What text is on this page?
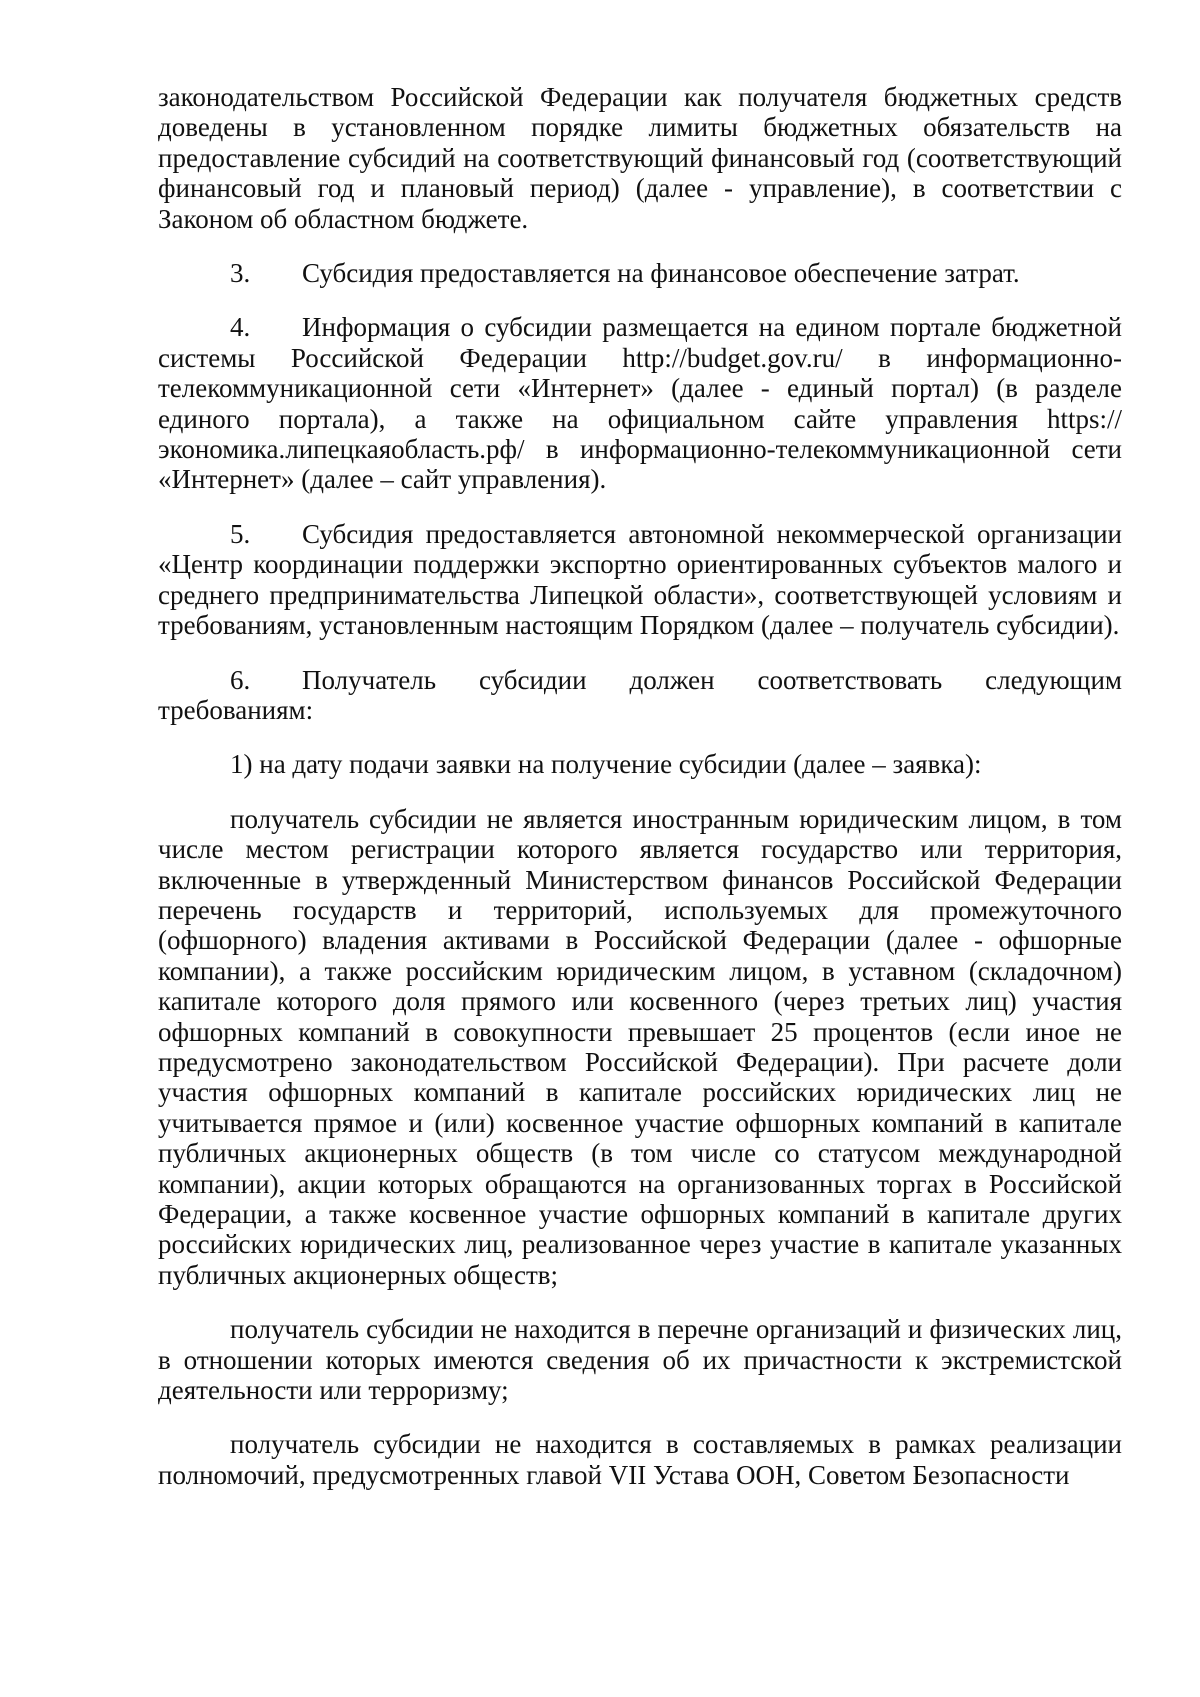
законодательством Российской Федерации как получателя бюджетных средств доведены в установленном порядке лимиты бюджетных обязательств на предоставление субсидий на соответствующий финансовый год (соответствующий финансовый год и плановый период) (далее - управление), в соответствии с Законом об областном бюджете.

3. Субсидия предоставляется на финансовое обеспечение затрат.

4. Информация о субсидии размещается на едином портале бюджетной системы Российской Федерации http://budget.gov.ru/ в информационно-телекоммуникационной сети «Интернет» (далее - единый портал) (в разделе единого портала), а также на официальном сайте управления https://экономика.липецкаяобласть.рф/ в информационно-телекоммуникационной сети «Интернет» (далее – сайт управления).

5. Субсидия предоставляется автономной некоммерческой организации «Центр координации поддержки экспортно ориентированных субъектов малого и среднего предпринимательства Липецкой области», соответствующей условиям и требованиям, установленным настоящим Порядком (далее – получатель субсидии).

6. Получатель субсидии должен соответствовать следующим требованиям:

1) на дату подачи заявки на получение субсидии (далее – заявка):

получатель субсидии не является иностранным юридическим лицом, в том числе местом регистрации которого является государство или территория, включенные в утвержденный Министерством финансов Российской Федерации перечень государств и территорий, используемых для промежуточного (офшорного) владения активами в Российской Федерации (далее - офшорные компании), а также российским юридическим лицом, в уставном (складочном) капитале которого доля прямого или косвенного (через третьих лиц) участия офшорных компаний в совокупности превышает 25 процентов (если иное не предусмотрено законодательством Российской Федерации). При расчете доли участия офшорных компаний в капитале российских юридических лиц не учитывается прямое и (или) косвенное участие офшорных компаний в капитале публичных акционерных обществ (в том числе со статусом международной компании), акции которых обращаются на организованных торгах в Российской Федерации, а также косвенное участие офшорных компаний в капитале других российских юридических лиц, реализованное через участие в капитале указанных публичных акционерных обществ;

получатель субсидии не находится в перечне организаций и физических лиц, в отношении которых имеются сведения об их причастности к экстремистской деятельности или терроризму;

получатель субсидии не находится в составляемых в рамках реализации полномочий, предусмотренных главой VII Устава ООН, Советом Безопасности
